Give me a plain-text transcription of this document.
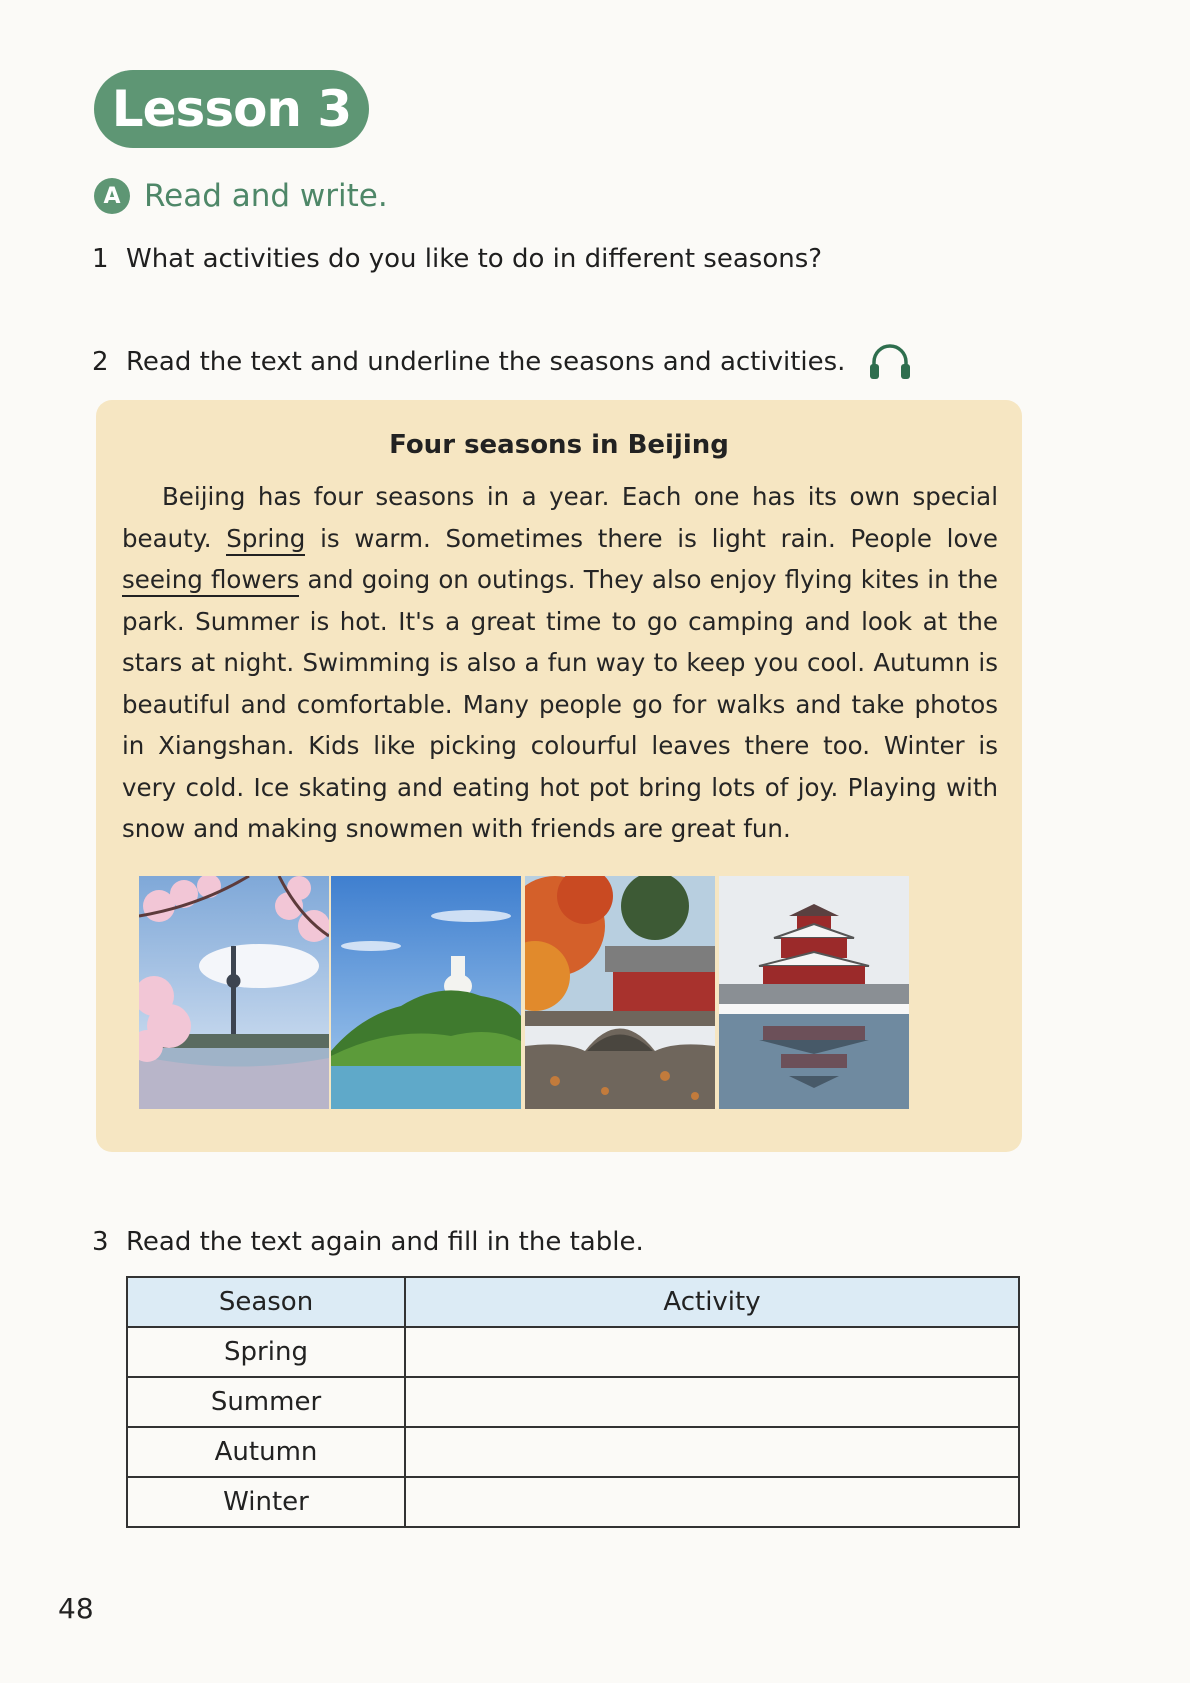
Lesson 3
A Read and write.
1 What activities do you like to do in different seasons?
2 Read the text and underline the seasons and activities.
Four seasons in Beijing
Beijing has four seasons in a year. Each one has its own special beauty. Spring is warm. Sometimes there is light rain. People love seeing flowers and going on outings. They also enjoy flying kites in the park. Summer is hot. It's a great time to go camping and look at the stars at night. Swimming is also a fun way to keep you cool. Autumn is beautiful and comfortable. Many people go for walks and take photos in Xiangshan. Kids like picking colourful leaves there too. Winter is very cold. Ice skating and eating hot pot bring lots of joy. Playing with snow and making snowmen with friends are great fun.
3 Read the text again and fill in the table.
Season	Activity
Spring	
Summer	
Autumn	
Winter	
48
